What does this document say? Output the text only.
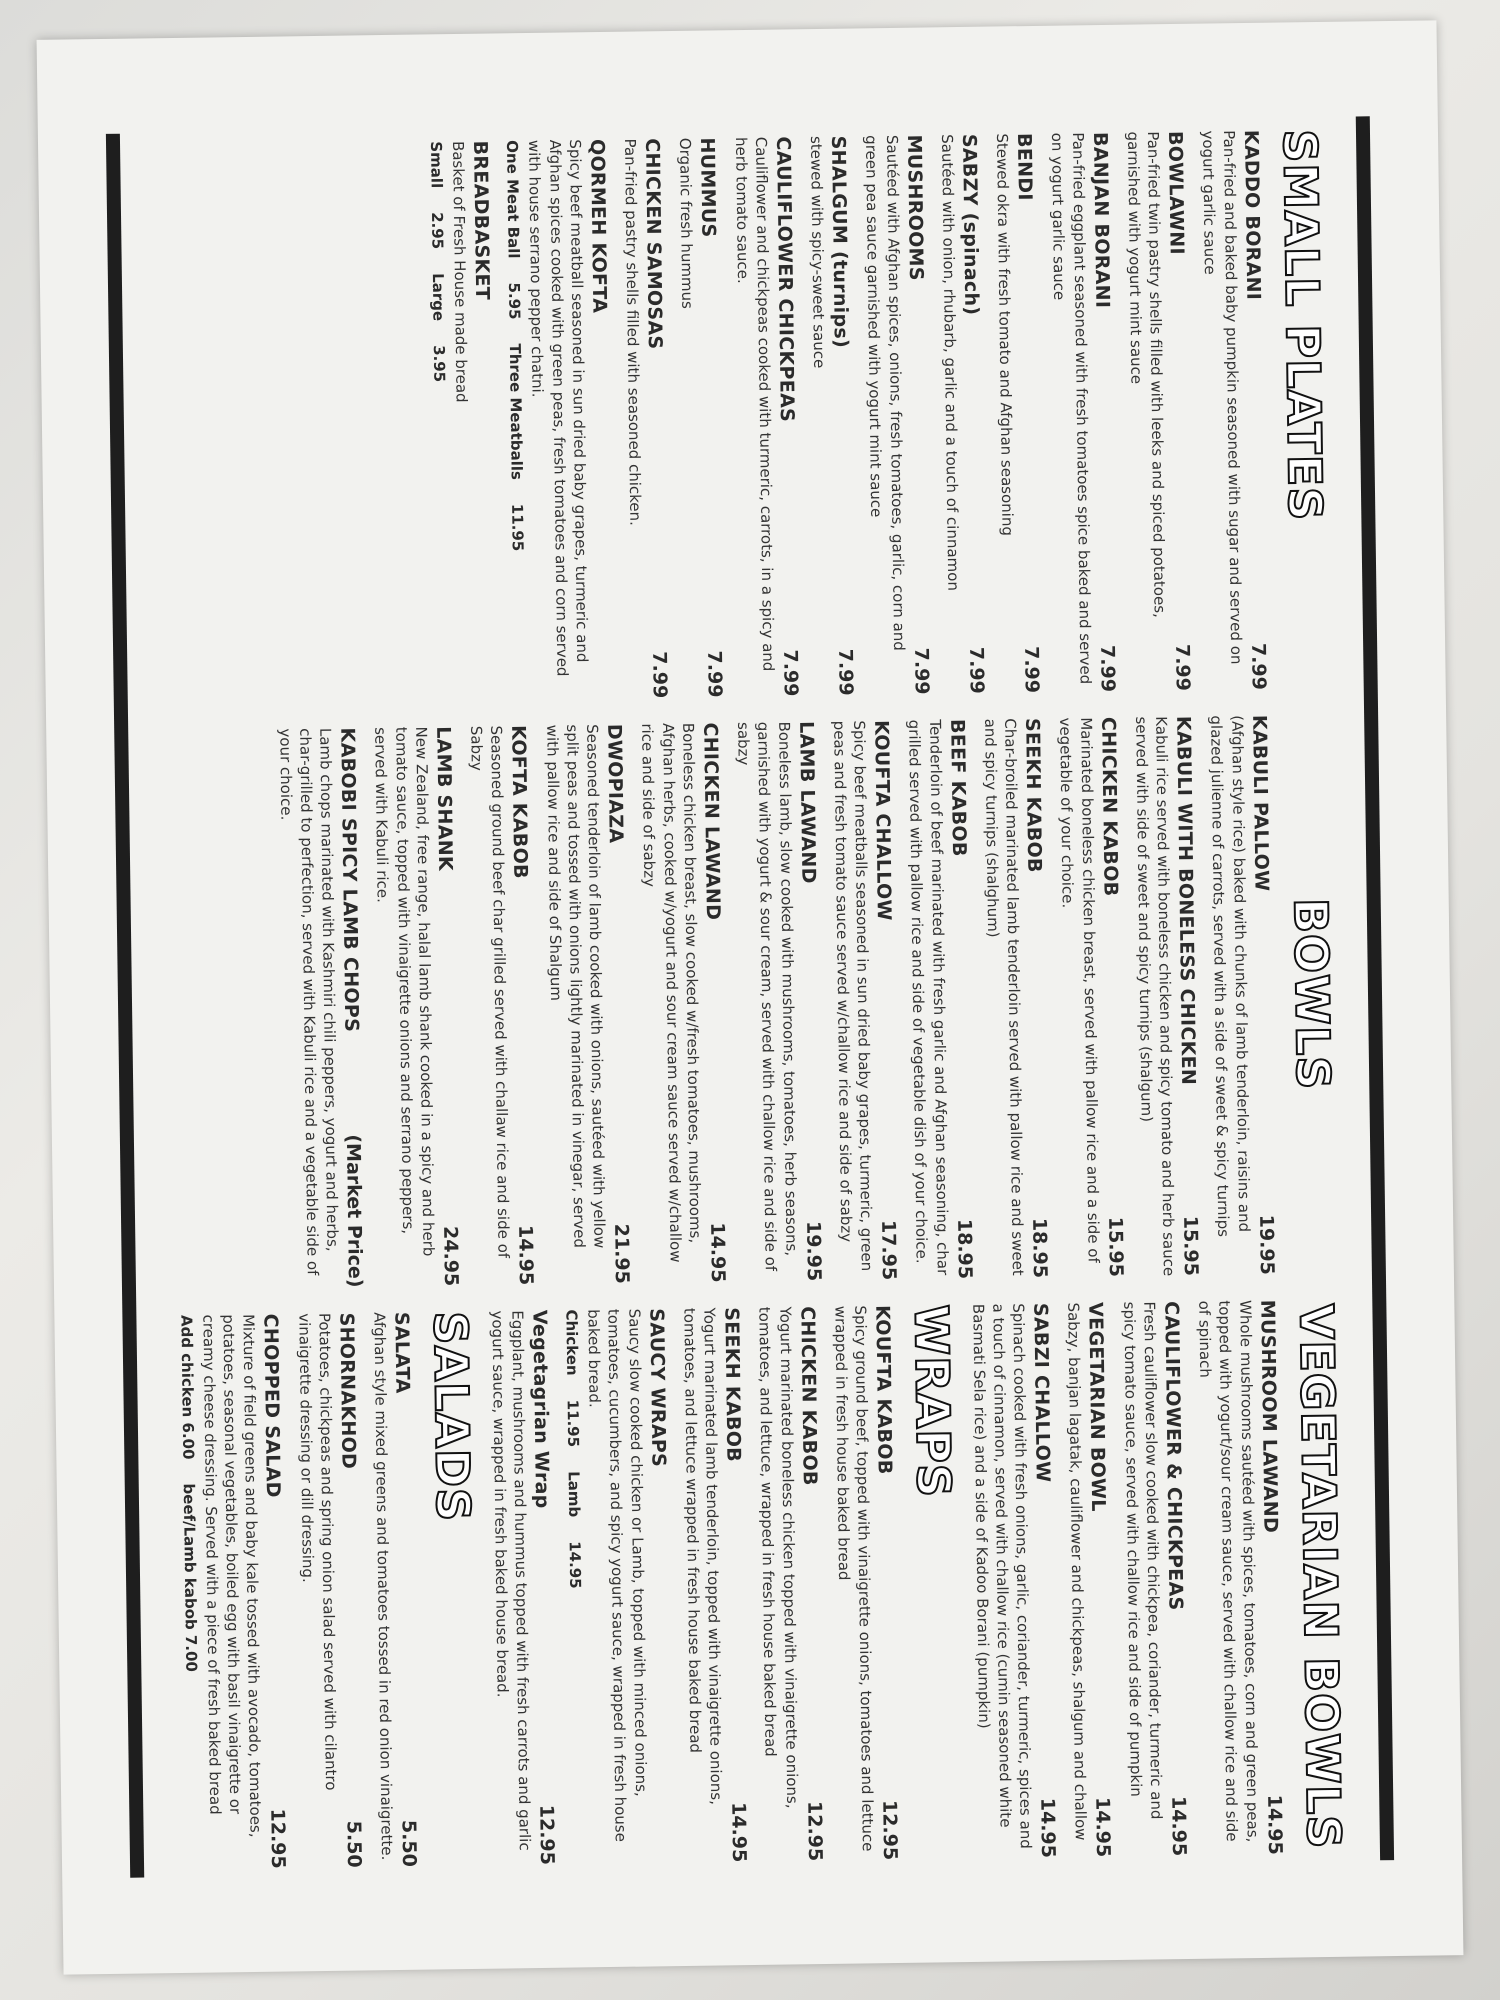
SMALL PLATES
KADDO BORANI
7.99
Pan-fried and baked baby pumpkin seasoned with sugar and served on yogurt garlic sauce
BOWLAWNI
7.99
Pan-fried twin pastry shells filled with leeks and spiced potatoes, garnished with yogurt mint sauce
BANJAN BORANI
7.99
Pan-fried eggplant seasoned with fresh tomatoes spice baked and served on yogurt garlic sauce
BENDI
7.99
Stewed okra with fresh tomato and Afghan seasoning
SABZY (spinach)
7.99
Sautéed with onion, rhubarb, garlic and a touch of cinnamon
MUSHROOMS
7.99
Sautéed with Afghan spices, onions, fresh tomatoes, garlic, corn and green pea sauce garnished with yogurt mint sauce
SHALGUM (turnips)
7.99
stewed with spicy-sweet sauce
CAULIFLOWER CHICKPEAS
7.99
Cauliflower and chickpeas cooked with turmeric, carrots, in a spicy and herb tomato sauce.
HUMMUS
7.99
Organic fresh hummus
CHICKEN SAMOSAS
7.99
Pan-fried pastry shells filled with seasoned chicken.
QORMEH KOFTA
Spicy beef meatball seasoned in sun dried baby grapes, turmeric and Afghan spices cooked with green peas, fresh tomatoes and corn served with house serrano pepper chatni.
One Meat Ball
5.95
Three Meatballs
11.95
BREADBASKET
Basket of Fresh House made bread
Small
2.95
Large
3.95
BOWLS
KABULI PALLOW
19.95
(Afghan style rice) baked with chunks of lamb tenderloin, raisins and glazed julienne of carrots, served with a side of sweet & spicy turnips
KABULI WITH BONELESS CHICKEN
15.95
Kabuli rice served with boneless chicken and spicy tomato and herb sauce served with side of sweet and spicy turnips (shalgum)
CHICKEN KABOB
15.95
Marinated boneless chicken breast, served with pallow rice and a side of vegetable of your choice.
SEEKH KABOB
18.95
Char-broiled marinated lamb tenderloin served with pallow rice and sweet and spicy turnips (shalghum)
BEEF KABOB
18.95
Tenderloin of beef marinated with fresh garlic and Afghan seasoning, char grilled served with pallow rice and side of vegetable dish of your choice.
KOUFTA CHALLOW
17.95
Spicy beef meatballs seasoned in sun dried baby grapes, turmeric, green peas and fresh tomato sauce served w/challow rice and side of sabzy
LAMB LAWAND
19.95
Boneless lamb, slow cooked with mushrooms, tomatoes, herb seasons, garnished with yogurt & sour cream, served with challow rice and side of sabzy
CHICKEN LAWAND
14.95
Boneless chicken breast, slow cooked w/fresh tomatoes, mushrooms, Afghan herbs, cooked w/yogurt and sour cream sauce served w/challow rice and side of sabzy
DWOPIAZA
21.95
Seasoned tenderloin of lamb cooked with onions, sautéed with yellow split peas and tossed with onions lightly marinated in vinegar, served with pallow rice and side of Shalgum
KOFTA KABOB
14.95
Seasoned ground beef char grilled served with challaw rice and side of Sabzy
LAMB SHANK
24.95
New Zealand, free range, halal lamb shank cooked in a spicy and herb tomato sauce, topped with vinaigrette onions and serrano peppers, served with Kabuli rice.
KABOBI SPICY LAMB CHOPS
(Market Price)
Lamb chops marinated with Kashmiri chili peppers, yogurt and herbs, char-grilled to perfection, served with Kabuli rice and a vegetable side of your choice.
VEGETARIAN BOWLS
MUSHROOM LAWAND
14.95
Whole mushrooms sautéed with spices, tomatoes, corn and green peas, topped with yogurt/sour cream sauce, served with challow rice and side of spinach
CAULIFLOWER & CHICKPEAS
14.95
Fresh cauliflower slow cooked with chickpea, coriander, turmeric and spicy tomato sauce, served with challow rice and side of pumpkin
VEGETARIAN BOWL
14.95
Sabzy, banjan lagatak, cauliflower and chickpeas, shalgum and challow
SABZI CHALLOW
14.95
Spinach cooked with fresh onions, garlic, coriander, turmeric, spices and a touch of cinnamon, served with challow rice (cumin seasoned white Basmati Sela rice) and a side of Kadoo Borani (pumpkin)
WRAPS
KOUFTA KABOB
12.95
Spicy ground beef, topped with vinaigrette onions, tomatoes and lettuce wrapped in fresh house baked bread
CHICKEN KABOB
12.95
Yogurt marinated boneless chicken topped with vinaigrette onions, tomatoes, and lettuce, wrapped in fresh house baked bread
SEEKH KABOB
14.95
Yogurt marinated lamb tenderloin, topped with vinaigrette onions, tomatoes, and lettuce wrapped in fresh house baked bread
SAUCY WRAPS
Saucy slow cooked chicken or Lamb, topped with minced onions, tomatoes, cucumbers, and spicy yogurt sauce, wrapped in fresh house baked bread.
Chicken
11.95
Lamb
14.95
Vegetagrian Wrap
12.95
Eggplant, mushrooms and hummus topped with fresh carrots and garlic yogurt sauce, wrapped in fresh baked house bread.
SALADS
SALATA
5.50
Afghan style mixed greens and tomatoes tossed in red onion vinaigrette.
SHORNAKHOD
5.50
Potatoes, chickpeas and spring onion salad served with cilantro vinaigrette dressing or dill dressing.
CHOPPED SALAD
12.95
Mixture of field greens and baby kale tossed with avocado, tomatoes, potatoes, seasonal vegetables, boiled egg with basil vinaigrette or creamy cheese dressing. Served with a piece of fresh baked bread
Add chicken 6.00
beef/Lamb kabob 7.00
